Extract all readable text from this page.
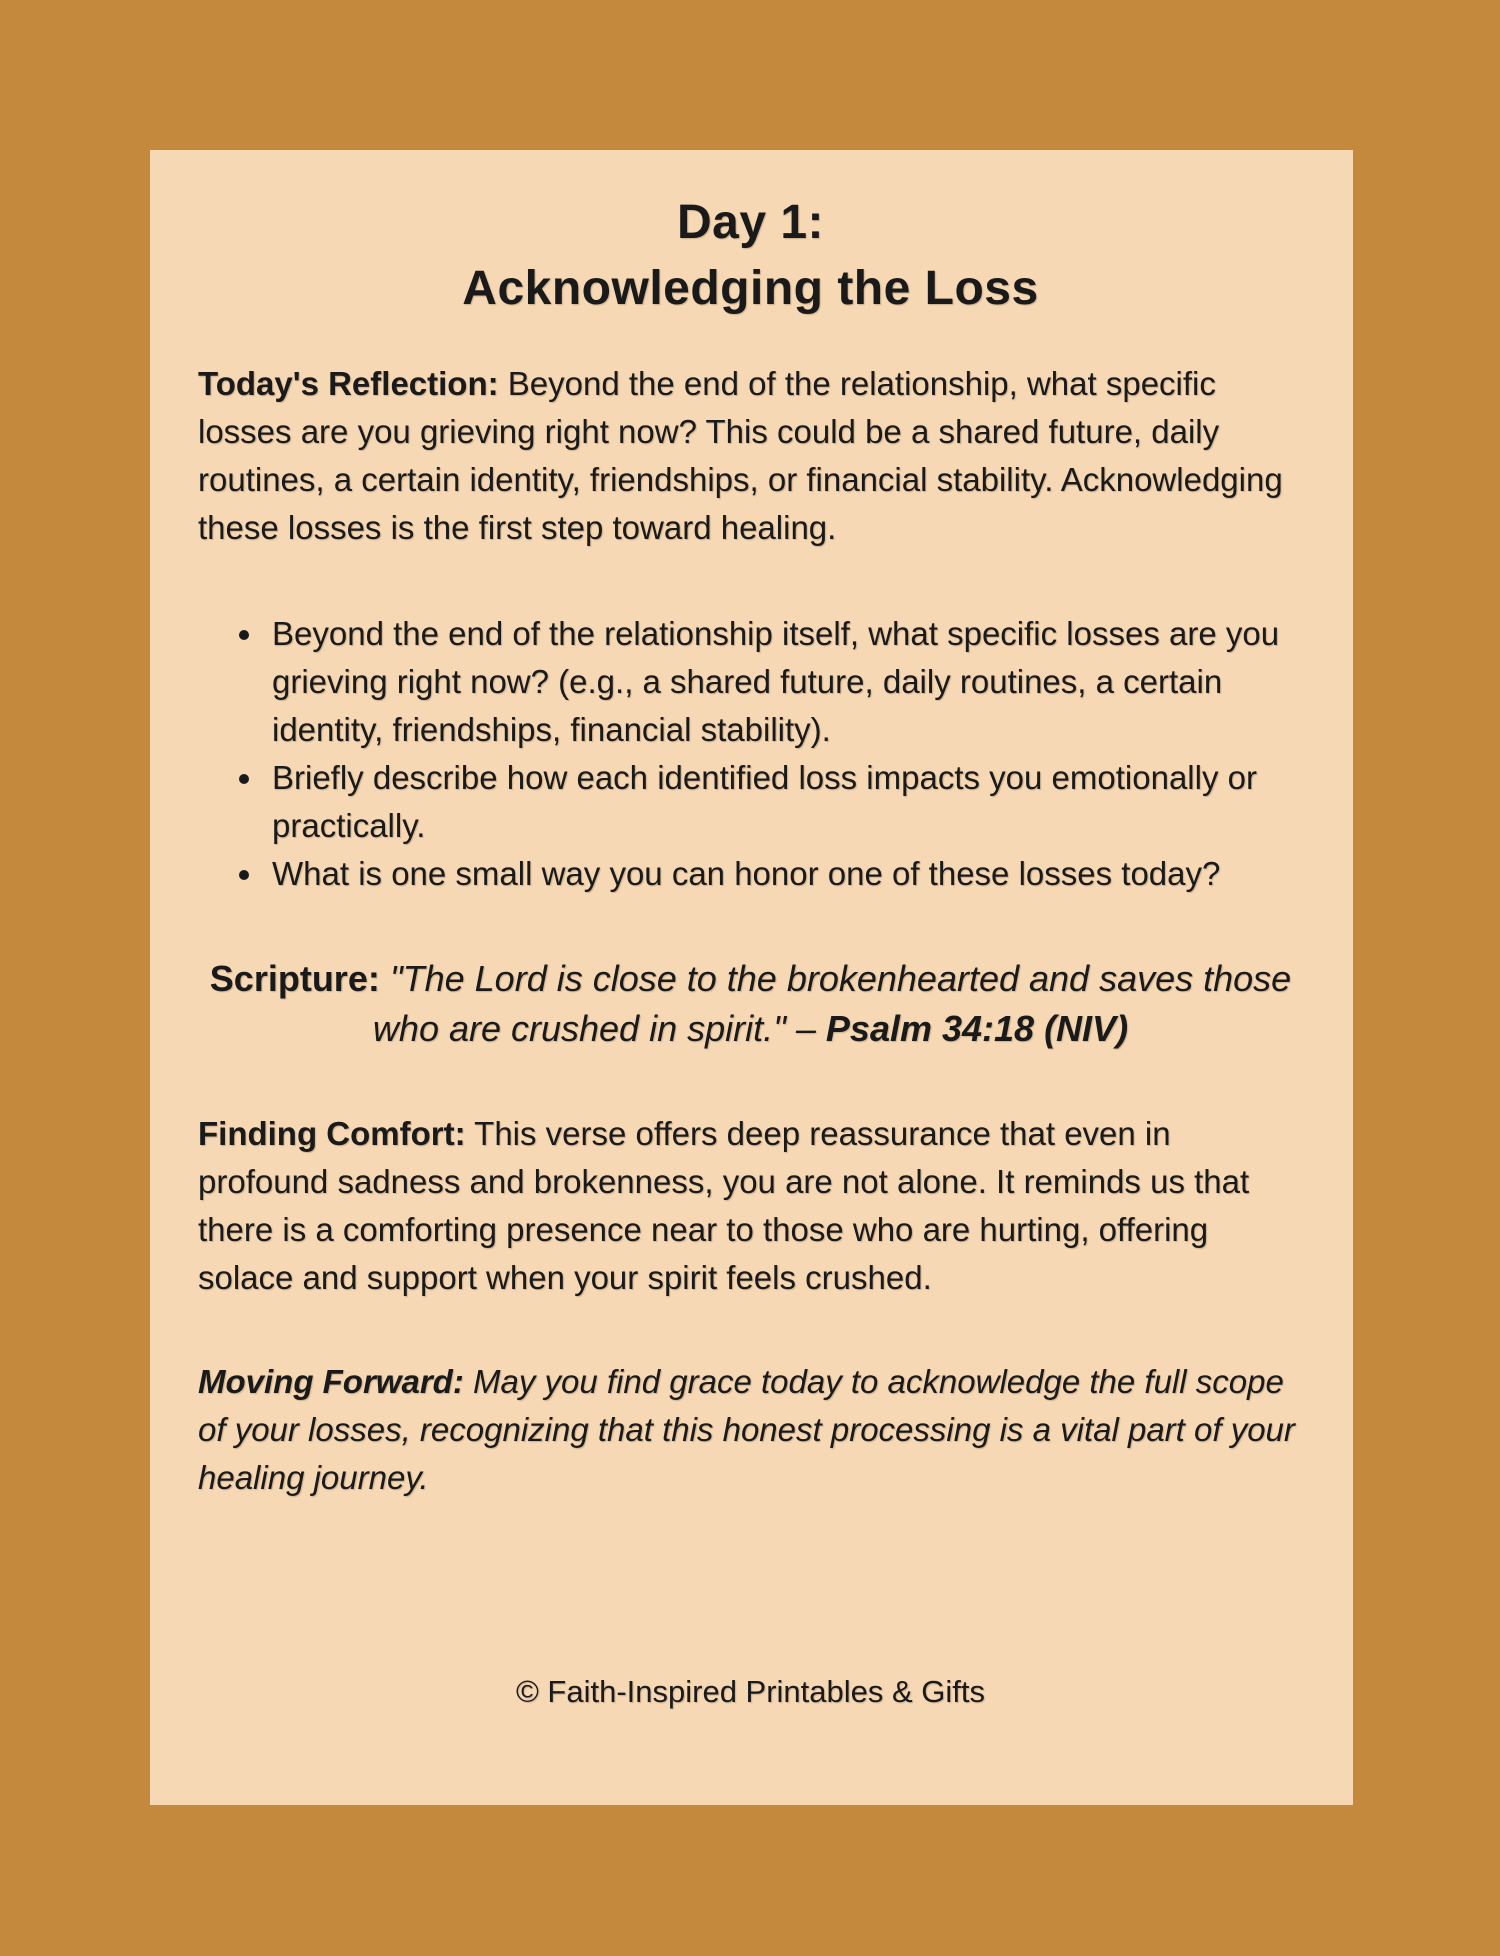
Day 1:
Acknowledging the Loss

Today's Reflection: Beyond the end of the relationship, what specific losses are you grieving right now? This could be a shared future, daily routines, a certain identity, friendships, or financial stability. Acknowledging these losses is the first step toward healing.

• Beyond the end of the relationship itself, what specific losses are you grieving right now? (e.g., a shared future, daily routines, a certain identity, friendships, financial stability).
• Briefly describe how each identified loss impacts you emotionally or practically.
• What is one small way you can honor one of these losses today?

Scripture: "The Lord is close to the brokenhearted and saves those who are crushed in spirit." – Psalm 34:18 (NIV)

Finding Comfort: This verse offers deep reassurance that even in profound sadness and brokenness, you are not alone. It reminds us that there is a comforting presence near to those who are hurting, offering solace and support when your spirit feels crushed.

Moving Forward: May you find grace today to acknowledge the full scope of your losses, recognizing that this honest processing is a vital part of your healing journey.

© Faith-Inspired Printables & Gifts
